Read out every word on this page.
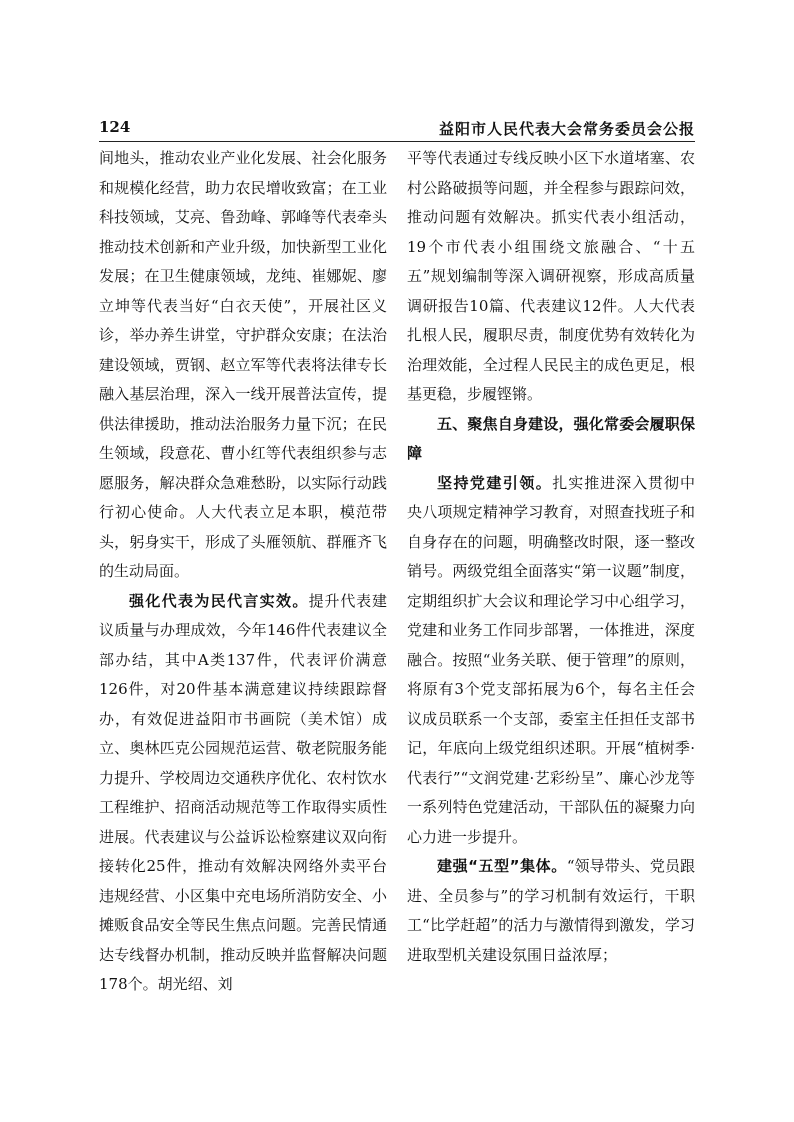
124	益阳市人民代表大会常务委员会公报

间地头，推动农业产业化发展、社会化服务和规模化经营，助力农民增收致富；在工业科技领域，艾亮、鲁劲峰、郭峰等代表牵头推动技术创新和产业升级，加快新型工业化发展；在卫生健康领域，龙纯、崔娜妮、廖立坤等代表当好“白衣天使”，开展社区义诊，举办养生讲堂，守护群众安康；在法治建设领域，贾钢、赵立军等代表将法律专长融入基层治理，深入一线开展普法宣传，提供法律援助，推动法治服务力量下沉；在民生领域，段意花、曹小红等代表组织参与志愿服务，解决群众急难愁盼，以实际行动践行初心使命。人大代表立足本职，模范带头，躬身实干，形成了头雁领航、群雁齐飞的生动局面。

强化代表为民代言实效。提升代表建议质量与办理成效，今年146件代表建议全部办结，其中A类137件，代表评价满意126件，对20件基本满意建议持续跟踪督办，有效促进益阳市书画院（美术馆）成立、奥林匹克公园规范运营、敬老院服务能力提升、学校周边交通秩序优化、农村饮水工程维护、招商活动规范等工作取得实质性进展。代表建议与公益诉讼检察建议双向衔接转化25件，推动有效解决网络外卖平台违规经营、小区集中充电场所消防安全、小摊贩食品安全等民生焦点问题。完善民情通达专线督办机制，推动反映并监督解决问题178个。胡光绍、刘

平等代表通过专线反映小区下水道堵塞、农村公路破损等问题，并全程参与跟踪问效，推动问题有效解决。抓实代表小组活动，19个市代表小组围绕文旅融合、“十五五”规划编制等深入调研视察，形成高质量调研报告10篇、代表建议12件。人大代表扎根人民，履职尽责，制度优势有效转化为治理效能，全过程人民民主的成色更足，根基更稳，步履铿锵。

五、聚焦自身建设，强化常委会履职保障

坚持党建引领。扎实推进深入贯彻中央八项规定精神学习教育，对照查找班子和自身存在的问题，明确整改时限，逐一整改销号。两级党组全面落实“第一议题”制度，定期组织扩大会议和理论学习中心组学习，党建和业务工作同步部署，一体推进，深度融合。按照“业务关联、便于管理”的原则，将原有3个党支部拓展为6个，每名主任会议成员联系一个支部，委室主任担任支部书记，年底向上级党组织述职。开展“植树季·代表行”“文润党建·艺彩纷呈”、廉心沙龙等一系列特色党建活动，干部队伍的凝聚力向心力进一步提升。

建强“五型”集体。“领导带头、党员跟进、全员参与”的学习机制有效运行，干职工“比学赶超”的活力与激情得到激发，学习进取型机关建设氛围日益浓厚；
